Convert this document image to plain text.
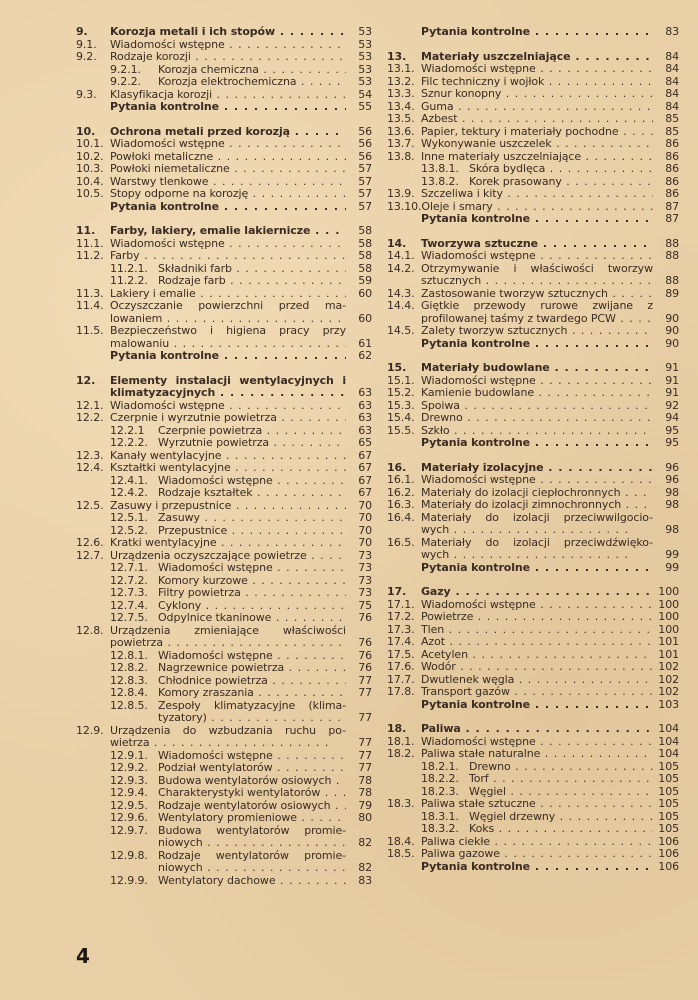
9.	Korozja metali i ich stopów . .	53
9.1.	Wiadomości wstępne . .	53
9.2.	Rodzaje korozji . .	53
9.2.1.	Korozja chemiczna . .	53
9.2.2.	Korozja elektrochemiczna . .	53
9.3.	Klasyfikacja korozji . .	54
Pytania kontrolne . .	55
10.	Ochrona metali przed korozją . .	56
10.1. Wiadomości wstępne . .	56
10.2. Powłoki metaliczne . .	56
10.3. Powłoki niemetaliczne . .	57
10.4. Warstwy tlenkowe . .	57
10.5. Stopy odporne na korozję . .	57
Pytania kontrolne . .	57
11.	Farby, lakiery, emalie lakiernicze . .	58
11.1. Wiadomości wstępne . .	58
11.2. Farby . .	58
11.2.1. Składniki farb . .	58
11.2.2. Rodzaje farb . .	59
11.3. Lakiery i emalie . .	60
11.4. Oczyszczanie powierzchni przed ma-
lowaniem . .	60
11.5. Bezpieczeństwo i higiena pracy przy
malowaniu . .	61
Pytania kontrolne . .	62
12.	Elementy instalacji wentylacyjnych i
klimatyzacyjnych . .	63
12.1. Wiadomości wstępne . .	63
12.2. Czerpnie i wyrzutnie powietrza . .	63
12.2.1	Czerpnie powietrza . .	63
12.2.2. Wyrzutnie powietrza . .	65
12.3. Kanały wentylacyjne . .	67
12.4. Kształtki wentylacyjne . .	67
12.4.1. Wiadomości wstępne . .	67
12.4.2. Rodzaje kształtek . .	67
12.5. Zasuwy i przepustnice . .	70
12.5.1. Zasuwy . .	70
12.5.2. Przepustnice . .	70
12.6. Kratki wentylacyjne . .	70
12.7. Urządzenia oczyszczające powietrze . .	73
12.7.1. Wiadomości wstępne . .	73
12.7.2. Komory kurzowe . .	73
12.7.3. Filtry powietrza . .	73
12.7.4. Cyklony . .	75
12.7.5. Odpylnice tkaninowe . .	76
12.8. Urządzenia zmieniające właściwości
powietrza . .	76
12.8.1. Wiadomości wstępne . .	76
12.8.2. Nagrzewnice powietrza . .	76
12.8.3. Chłodnice powietrza . .	77
12.8.4. Komory zraszania . .	77
12.8.5. Zespoły klimatyzacyjne (klima-
tyzatory) . .	77
12.9. Urządzenia do wzbudzania ruchu po-
wietrza . .	77
12.9.1. Wiadomości wstępne . .	77
12.9.2. Podział wentylatorów . .	77
12.9.3. Budowa wentylatorów osiowych . .	78
12.9.4. Charakterystyki wentylatorów . .	78
12.9.5. Rodzaje wentylatorów osiowych . .	79
12.9.6. Wentylatory promieniowe . .	80
12.9.7. Budowa wentylatorów promie-
niowych . .	82
12.9.8. Rodzaje wentylatorów promie-
niowych . .	82
12.9.9. Wentylatory dachowe . .	83
Pytania kontrolne . .	83
13.	Materiały uszczelniające . .	84
13.1. Wiadomości wstępne . .	84
13.2. Filc techniczny i wojłok . .	84
13.3. Sznur konopny . .	84
13.4. Guma . .	84
13.5. Azbest . .	85
13.6. Papier, tektury i materiały pochodne . .	85
13.7. Wykonywanie uszczelek . .	86
13.8. Inne materiały uszczelniające . .	86
13.8.1. Skóra bydlęca . .	86
13.8.2. Korek prasowany . .	86
13.9. Szczeliwa i kity . .	86
13.10. Oleje i smary . .	87
Pytania kontrolne . .	87
14.	Tworzywa sztuczne . .	88
14.1. Wiadomości wstępne . .	88
14.2. Otrzymywanie i właściwości tworzyw
sztucznych . .	88
14.3. Zastosowanie tworzyw sztucznych . .	89
14.4. Giętkie przewody rurowe zwijane z
profilowanej taśmy z twardego PCW . .	90
14.5. Zalety tworzyw sztucznych . .	90
Pytania kontrolne . .	90
15.	Materiały budowlane . .	91
15.1. Wiadomości wstępne . .	91
15.2. Kamienie budowlane . .	91
15.3. Spoiwa . .	92
15.4. Drewno . .	94
15.5. Szkło . .	95
Pytania kontrolne . .	95
16.	Materiały izolacyjne . .	96
16.1. Wiadomości wstępne . .	96
16.2. Materiały do izolacji ciepłochronnych . .	98
16.3. Materiały do izolacji zimnochronnych . .	98
16.4. Materiały do izolacji przeciwwilgocio-
wych . .	98
16.5. Materiały do izolacji przeciwdźwięko-
wych . .	99
Pytania kontrolne . .	99
17.	Gazy . .	100
17.1. Wiadomości wstępne . .	100
17.2. Powietrze . .	100
17.3. Tlen . .	100
17.4. Azot . .	101
17.5. Acetylen . .	101
17.6. Wodór . .	102
17.7. Dwutlenek węgla . .	102
17.8. Transport gazów . .	102
Pytania kontrolne . .	103
18.	Paliwa . .	104
18.1. Wiadomości wstępne . .	104
18.2. Paliwa stałe naturalne . .	104
18.2.1. Drewno . .	105
18.2.2. Torf . .	105
18.2.3. Węgiel . .	105
18.3. Paliwa stałe sztuczne . .	105
18.3.1. Węgiel drzewny . .	105
18.3.2. Koks . .	105
18.4. Paliwa ciekłe . .	106
18.5. Paliwa gazowe . .	106
Pytania kontrolne . .	106
4
